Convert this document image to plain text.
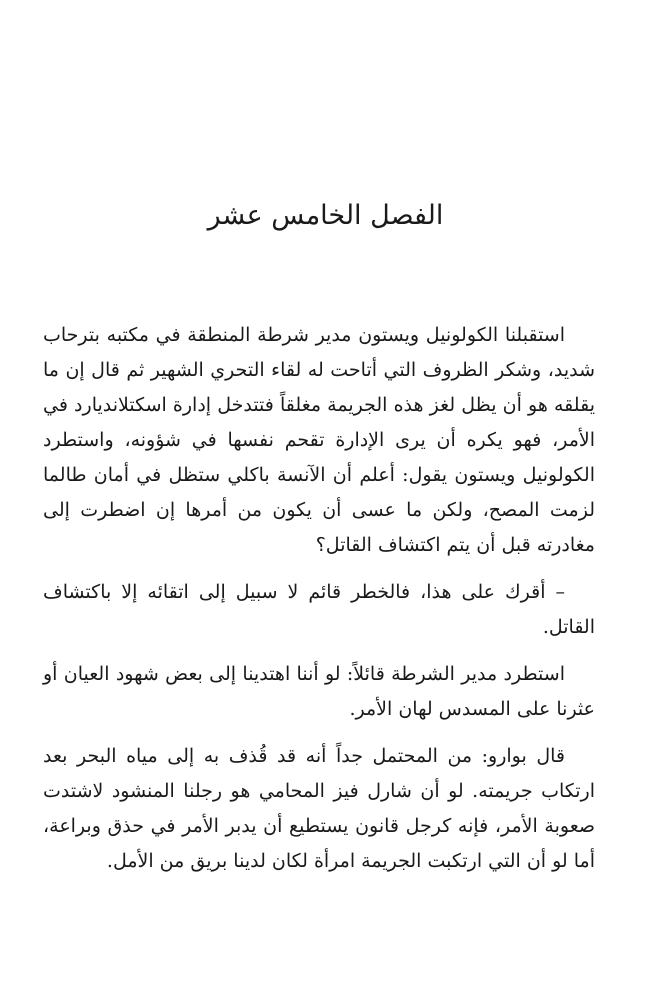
الفصل الخامس عشر

استقبلنا الكولونيل ويستون مدير شرطة المنطقة في مكتبه بترحاب شديد، وشكر الظروف التي أتاحت له لقاء التحري الشهير ثم قال إن ما يقلقه هو أن يظل لغز هذه الجريمة مغلقاً فتتدخل إدارة اسكتلانديارد في الأمر، فهو يكره أن يرى الإدارة تقحم نفسها في شؤونه، واستطرد الكولونيل ويستون يقول: أعلم أن الآنسة باكلي ستظل في أمان طالما لزمت المصح، ولكن ما عسى أن يكون من أمرها إن اضطرت إلى مغادرته قبل أن يتم اكتشاف القاتل؟

– أقرك على هذا، فالخطر قائم لا سبيل إلى اتقائه إلا باكتشاف القاتل.

استطرد مدير الشرطة قائلاً: لو أننا اهتدينا إلى بعض شهود العيان أو عثرنا على المسدس لهان الأمر.

قال بوارو: من المحتمل جداً أنه قد قُذف به إلى مياه البحر بعد ارتكاب جريمته. لو أن شارل فيز المحامي هو رجلنا المنشود لاشتدت صعوبة الأمر، فإنه كرجل قانون يستطيع أن يدبر الأمر في حذق وبراعة، أما لو أن التي ارتكبت الجريمة امرأة لكان لدينا بريق من الأمل.
